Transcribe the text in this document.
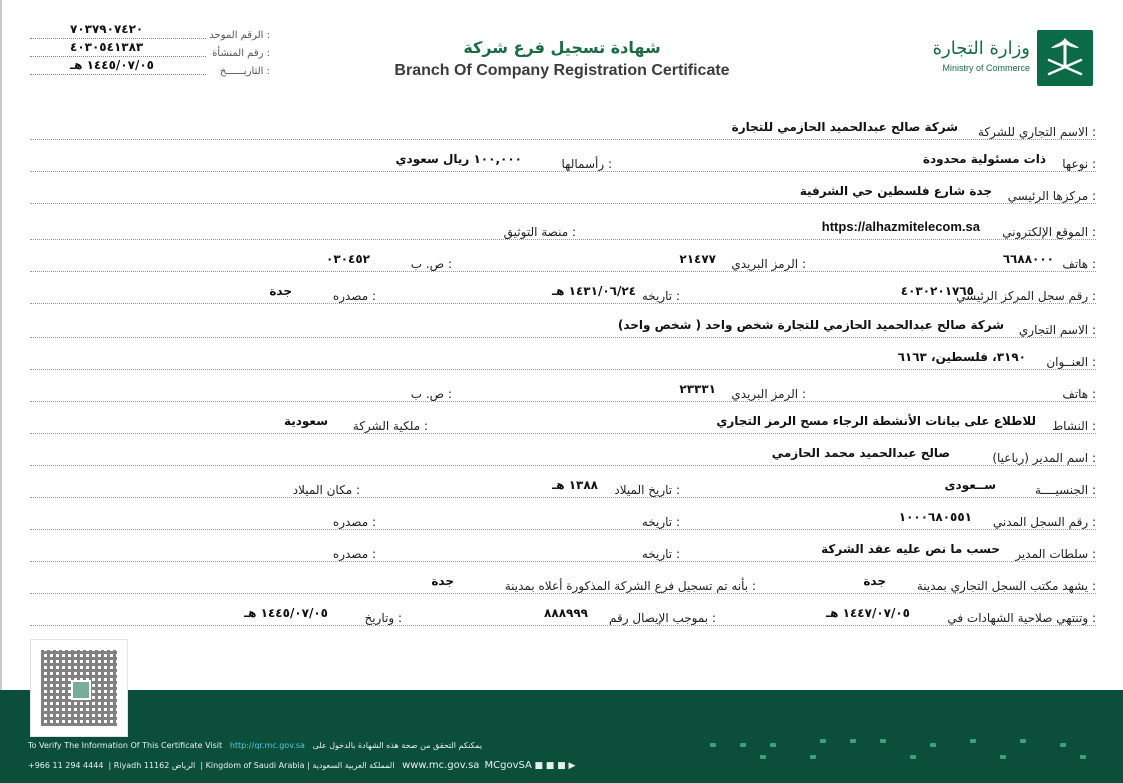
٧٠٣٧٩٠٧٤٢٠	الرقم الموحد :
٤٠٣٠٥٤١٣٨٣	رقم المنشأة :
١٤٤٥/٠٧/٠٥ هـ	التاريــــــخ :
شهادة تسجيل فرع شركة
Branch Of Company Registration Certificate
وزارة التجارة
Ministry of Commerce
الاسم التجاري للشركة :
شركة صالح عبدالحميد الحازمي للتجارة
نوعها :
ذات مسئولية محدودة
رأسمالها :
١٠٠,٠٠٠ ريال سعودي
مركزها الرئيسي :
جدة شارع فلسطين حي الشرفية
الموقع الإلكتروني :
https://alhazmitelecom.sa
منصة التوثيق :
هاتف :
٦٦٨٨٠٠٠
الرمز البريدي :
٢١٤٧٧
ص. ب :
٠٣٠٤٥٢
رقم سجل المركز الرئيسي :
٤٠٣٠٢٠١٧٦٥
تاريخه :
١٤٣١/٠٦/٢٤ هـ
مصدره :
جدة
الاسم التجاري :
شركة صالح عبدالحميد الحازمي للتجارة شخص واحد ( شخص واحد)
العنــوان :
٣١٩٠، فلسطين، ٦١٦٣
هاتف :
الرمز البريدي :
٢٣٣٣١
ص. ب :
النشاط :
للاطلاع على بيانات الأنشطة الرجاء مسح الرمز التجاري
ملكية الشركة :
سعودية
اسم المدير (رباعيا) :
صالح عبدالحميد محمد الحازمي
الجنسيــــة :
ســعودى
تاريخ الميلاد :
١٣٨٨ هـ
مكان الميلاد :
رقم السجل المدني :
١٠٠٠٦٨٠٥٥١
تاريخه :
مصدره :
سلطات المدير :
حسب ما نص عليه عقد الشركة
تاريخه :
مصدره :
يشهد مكتب السجل التجاري بمدينة :
جدة
بأنه تم تسجيل فرع الشركة المذكورة أعلاه بمدينة :
جدة
وتنتهي صلاحية الشهادات في :
١٤٤٧/٠٧/٠٥ هـ
بموجب الإيصال رقم :
٨٨٨٩٩٩
وتاريخ :
١٤٤٥/٠٧/٠٥ هـ
To Verify The Information Of This Certificate Visit http://qr.mc.gov.sa يمكنكم التحقق من صحة هذه الشهادة بالدخول على
+966 11 294 4444  | Riyadh 11162 الرياض  | Kingdom of Saudi Arabia | المملكة العربية السعودية www.mc.gov.sa MCgovSA ■ ■ ■ ▶
